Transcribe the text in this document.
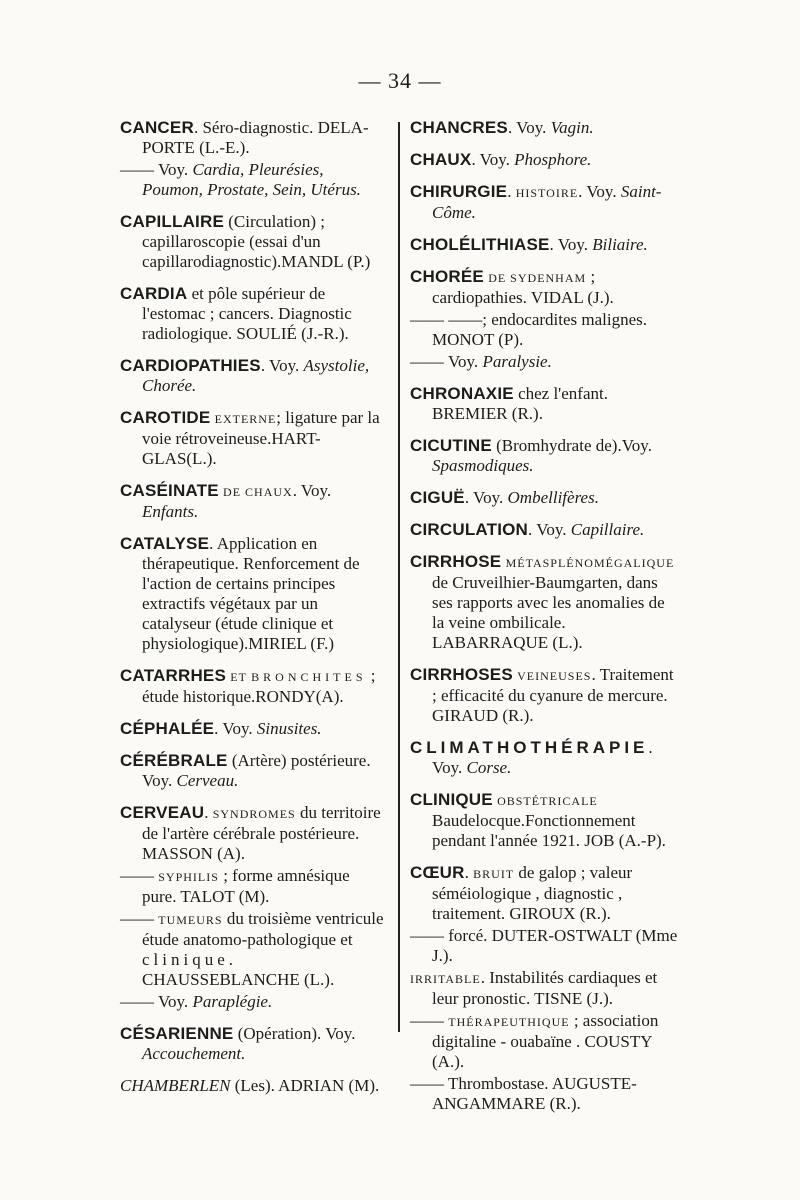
— 34 —

CANCER. Séro-diagnostic. DELA-PORTE (L.-E.).

—— Voy. Cardia, Pleurésies, Poumon, Prostate, Sein, Utérus.

CAPILLAIRE (Circulation) ; capillaroscopie (essai d'un capillarodiagnostic).MANDL (P.)

CARDIA et pôle supérieur de l'estomac ; cancers. Diagnostic radiologique. SOULIÉ (J.-R.).

CARDIOPATHIES. Voy. Asystolie, Chorée.

CAROTIDE EXTERNE; ligature par la voie rétroveineuse.HART-GLAS(L.).

CASÉINATE DE CHAUX. Voy. Enfants.

CATALYSE. Application en thérapeutique. Renforcement de l'action de certains principes extractifs végétaux par un catalyseur (étude clinique et physiologique).MIRIEL (F.)

CATARRHES ET BRONCHITES ; étude historique.RONDY(A).

CÉPHALÉE. Voy. Sinusites.

CÉRÉBRALE (Artère) postérieure. Voy. Cerveau.

CERVEAU. SYNDROMES du territoire de l'artère cérébrale postérieure. MASSON (A).

—— SYPHILIS ; forme amnésique pure. TALOT (M).

—— TUMEURS du troisième ventricule étude anatomo-pathologique et clinique. CHAUSSEBLANCHE (L.).

—— Voy. Paraplégie.

CÉSARIENNE (Opération). Voy. Accouchement.

CHAMBERLEN (Les). ADRIAN (M).

CHANCRES. Voy. Vagin.

CHAUX. Voy. Phosphore.

CHIRURGIE. HISTOIRE. Voy. Saint-Côme.

CHOLÉLITHIASE. Voy. Biliaire.

CHORÉE DE SYDENHAM ; cardiopathies. VIDAL (J.).

—— ——; endocardites malignes. MONOT (P).

—— Voy. Paralysie.

CHRONAXIE chez l'enfant. BREMIER (R.).

CICUTINE (Bromhydrate de).Voy. Spasmodiques.

CIGUË. Voy. Ombellifères.

CIRCULATION. Voy. Capillaire.

CIRRHOSE MÉTASPLÉNOMÉGALIQUE de Cruveilhier-Baumgarten, dans ses rapports avec les anomalies de la veine ombilicale. LABARRAQUE (L.).

CIRRHOSES VEINEUSES. Traitement ; efficacité du cyanure de mercure. GIRAUD (R.).

CLIMATHOTHÉRAPIE. Voy. Corse.

CLINIQUE OBSTÉTRICALE Baudelocque.Fonctionnement pendant l'année 1921. JOB (A.-P).

CŒUR. BRUIT de galop ; valeur séméiologique , diagnostic , traitement. GIROUX (R.).

—— forcé. DUTER-OSTWALT (Mme J.).

IRRITABLE. Instabilités cardiaques et leur pronostic. TISNE (J.).

—— THÉRAPEUTHIQUE ; association digitaline - ouabaïne . COUSTY (A.).

—— Thrombostase. AUGUSTE-ANGAMMARE (R.).
